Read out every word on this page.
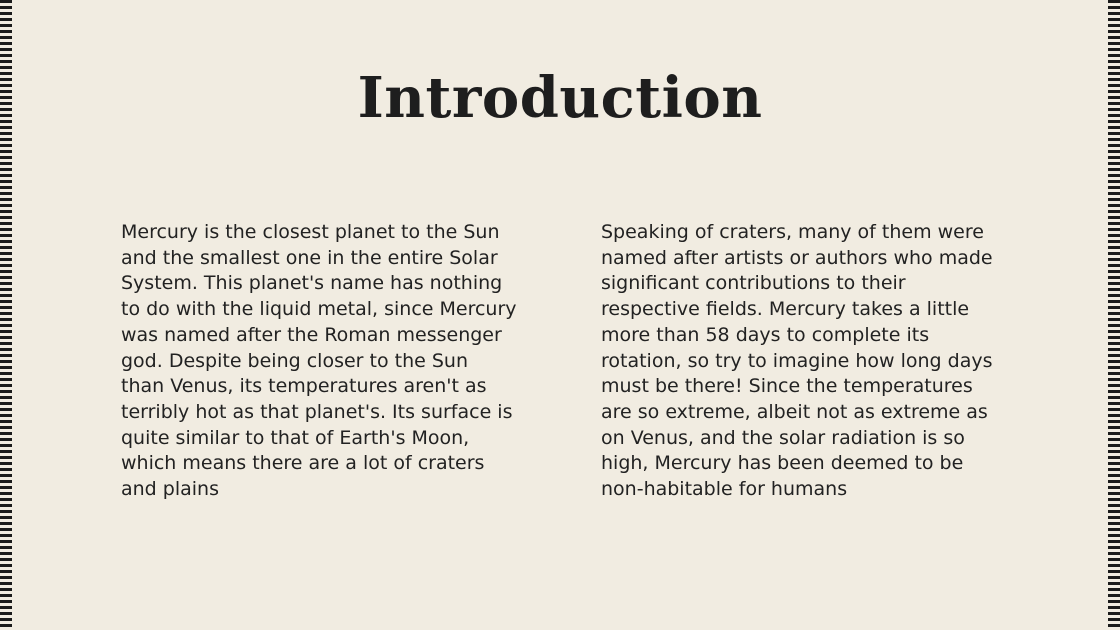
Introduction

Mercury is the closest planet to the Sun and the smallest one in the entire Solar System. This planet's name has nothing to do with the liquid metal, since Mercury was named after the Roman messenger god. Despite being closer to the Sun than Venus, its temperatures aren't as terribly hot as that planet's. Its surface is quite similar to that of Earth's Moon, which means there are a lot of craters and plains

Speaking of craters, many of them were named after artists or authors who made significant contributions to their respective fields. Mercury takes a little more than 58 days to complete its rotation, so try to imagine how long days must be there! Since the temperatures are so extreme, albeit not as extreme as on Venus, and the solar radiation is so high, Mercury has been deemed to be non-habitable for humans
